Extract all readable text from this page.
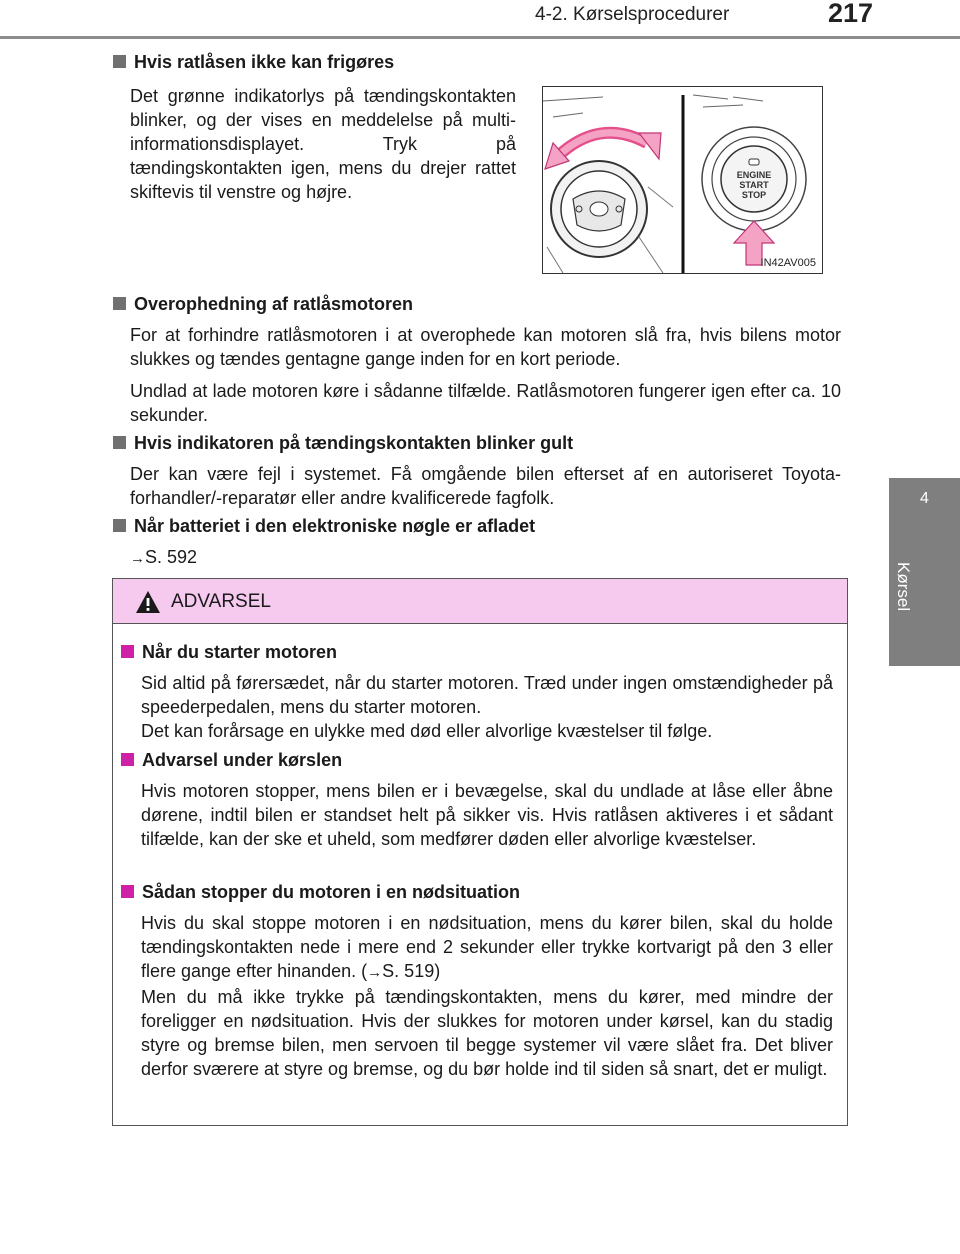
4-2. Kørselsprocedurer	217
4
Kørsel
Hvis ratlåsen ikke kan frigøres
Det grønne indikatorlys på tændingskontakten blinker, og der vises en meddelelse på multi-informationsdisplayet. Tryk på tændingskontakten igen, mens du drejer rattet skiftevis til venstre og højre.
ENGINE
START
STOP
IN42AV005
Overophedning af ratlåsmotoren
For at forhindre ratlåsmotoren i at overophede kan motoren slå fra, hvis bilens motor slukkes og tændes gentagne gange inden for en kort periode.
Undlad at lade motoren køre i sådanne tilfælde. Ratlåsmotoren fungerer igen efter ca. 10 sekunder.
Hvis indikatoren på tændingskontakten blinker gult
Der kan være fejl i systemet. Få omgående bilen efterset af en autoriseret Toyota-forhandler/-reparatør eller andre kvalificerede fagfolk.
Når batteriet i den elektroniske nøgle er afladet
→S. 592
ADVARSEL
Når du starter motoren
Sid altid på førersædet, når du starter motoren. Træd under ingen omstændigheder på speederpedalen, mens du starter motoren.
Det kan forårsage en ulykke med død eller alvorlige kvæstelser til følge.
Advarsel under kørslen
Hvis motoren stopper, mens bilen er i bevægelse, skal du undlade at låse eller åbne dørene, indtil bilen er standset helt på sikker vis. Hvis ratlåsen aktiveres i et sådant tilfælde, kan der ske et uheld, som medfører døden eller alvorlige kvæstelser.
Sådan stopper du motoren i en nødsituation
Hvis du skal stoppe motoren i en nødsituation, mens du kører bilen, skal du holde tændingskontakten nede i mere end 2 sekunder eller trykke kortvarigt på den 3 eller flere gange efter hinanden. (→S. 519)
Men du må ikke trykke på tændingskontakten, mens du kører, med mindre der foreligger en nødsituation. Hvis der slukkes for motoren under kørsel, kan du stadig styre og bremse bilen, men servoen til begge systemer vil være slået fra. Det bliver derfor sværere at styre og bremse, og du bør holde ind til siden så snart, det er muligt.
